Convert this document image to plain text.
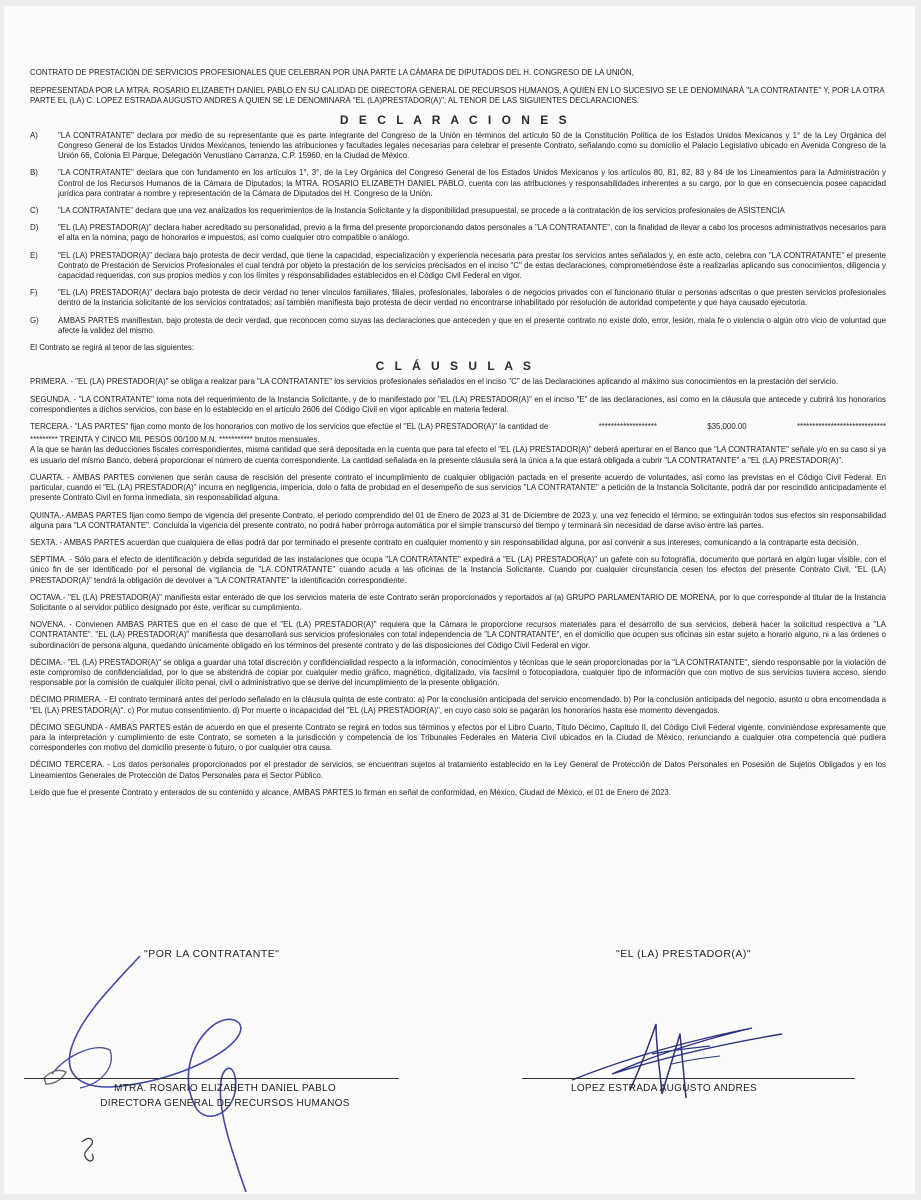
CONTRATO DE PRESTACIÓN DE SERVICIOS PROFESIONALES QUE CELEBRAN POR UNA PARTE LA CÁMARA DE DIPUTADOS DEL H. CONGRESO DE LA UNIÓN,

REPRESENTADA POR LA MTRA. ROSARIO ELIZABETH DANIEL PABLO EN SU CALIDAD DE DIRECTORA GENERAL DE RECURSOS HUMANOS, A QUIEN EN LO SUCESIVO SE LE DENOMINARÁ "LA CONTRATANTE" Y, POR LA OTRA PARTE EL (LA) C. LOPEZ ESTRADA AUGUSTO ANDRES A QUIEN SE LE DENOMINARÁ "EL (LA)PRESTADOR(A)", AL TENOR DE LAS SIGUIENTES DECLARACIONES.

D E C L A R A C I O N E S
A)	"LA CONTRATANTE" declara por medio de su representante que es parte integrante del Congreso de la Unión en términos del artículo 50 de la Constitución Política de los Estados Unidos Mexicanos y 1° de la Ley Orgánica del Congreso General de los Estados Unidos Mexicanos, teniendo las atribuciones y facultades legales necesarias para celebrar el presente Contrato, señalando como su domicilio el Palacio Legislativo ubicado en Avenida Congreso de la Unión 66, Colonia El Parque, Delegación Venustiano Carranza, C.P. 15960, en la Ciudad de México.
B)	"LA CONTRATANTE" declara que con fundamento en los artículos 1°, 3°, de la Ley Orgánica del Congreso General de los Estados Unidos Mexicanos y los artículos 80, 81, 82, 83 y 84 de los Lineamientos para la Administración y Control de los Recursos Humanos de la Cámara de Diputados; la MTRA. ROSARIO ELIZABETH DANIEL PABLO, cuenta con las atribuciones y responsabilidades inherentes a su cargo, por lo que en consecuencia posee capacidad jurídica para contratar a nombre y representación de la Cámara de Diputados del H. Congreso de la Unión.
C)	"LA CONTRATANTE" declara que una vez analizados los requerimientos de la Instancia Solicitante y la disponibilidad presupuestal, se procede a la contratación de los servicios profesionales de ASISTENCIA
D)	"EL (LA) PRESTADOR(A)" declara haber acreditado su personalidad, previo a la firma del presente proporcionando datos personales a "LA CONTRATANTE", con la finalidad de llevar a cabo los procesos administrativos necesarios para el alta en la nómina, pago de honorarios e impuestos, así como cualquier otro compatible o análogo.
E)	"EL (LA) PRESTADOR(A)" declara bajo protesta de decir verdad, que tiene la capacidad, especialización y experiencia necesaria para prestar los servicios antes señalados y, en este acto, celebra con "LA CONTRATANTE" el presente Contrato de Prestación de Servicios Profesionales el cual tendrá por objeto la prestación de los servicios precisados en el inciso "C" de estas declaraciones, comprometiéndose éste a realizarlas aplicando sus conocimientos, diligencia y capacidad requeridas, con sus propios medios y con los límites y responsabilidades establecidos en el Código Civil Federal en vigor.
F)	"EL (LA) PRESTADOR(A)" declara bajo protesta de decir verdad no tener vínculos familiares, filiales, profesionales, laborales o de negocios privados con el funcionario titular o personas adscritas o que presten servicios profesionales dentro de la instancia solicitante de los servicios contratados; así también manifiesta bajo protesta de decir verdad no encontrarse inhabilitado por resolución de autoridad competente y que haya causado ejecutoria.
G)	AMBAS PARTES manifiestan, bajo protesta de decir verdad, que reconocen como suyas las declaraciones que anteceden y que en el presente contrato no existe dolo, error, lesión, mala fe o violencia o algún otro vicio de voluntad que afecte la validez del mismo.
El Contrato se regirá al tenor de las siguientes:
C L Á U S U L A S
PRIMERA. - "EL (LA) PRESTADOR(A)" se obliga a realizar para "LA CONTRATANTE" los servicios profesionales señalados en el inciso "C" de las Declaraciones aplicando al máximo sus conocimientos en la prestación del servicio.
SEGUNDA. - "LA CONTRATANTE" toma nota del requerimiento de la Instancia Solicitante, y de lo manifestado por "EL (LA) PRESTADOR(A)" en el inciso "E" de las declaraciones, así como en la cláusula que antecede y cubrirá los honorarios correspondientes a dichos servicios, con base en lo establecido en el artículo 2606 del Código Civil en vigor aplicable en materia federal.
TERCERA.- "LAS PARTES" fijan como monto de los honorarios con motivo de los servicios que efectúe el "EL (LA) PRESTADOR(A)" la cantidad de	*******************	$35,000.00	*****************************
********* TREINTA Y CINCO MIL PESOS 00/100 M.N. *********** brutos mensuales.
A la que se harán las deducciones fiscales correspondientes, misma cantidad que será depositada en la cuenta que para tal efecto el "EL (LA) PRESTADOR(A)" deberá aperturar en el Banco que "LA CONTRATANTE" señale y/o en su caso si ya es usuario del mismo Banco, deberá proporcionar el número de cuenta correspondiente. La cantidad señalada en la presente cláusula será la única a la que estará obligada a cubrir "LA CONTRATANTE" a "EL (LA) PRESTADOR(A)".
CUARTA. - AMBAS PARTES convienen que serán causa de rescisión del presente contrato el incumplimiento de cualquier obligación pactada en el presente acuerdo de voluntades, así como las previstas en el Código Civil Federal. En particular, cuando el "EL (LA) PRESTADOR(A)" incurra en negligencia, impericia, dolo o falta de probidad en el desempeño de sus servicios "LA CONTRATANTE" a petición de la Instancia Solicitante, podrá dar por rescindido anticipadamente el presente Contrato Civil en forma inmediata, sin responsabilidad alguna.
QUINTA.- AMBAS PARTES fijan como tiempo de vigencia del presente Contrato, el periodo comprendido del 01 de Enero de 2023 al 31 de Diciembre de 2023 y, una vez fenecido el término, se extinguirán todos sus efectos sin responsabilidad alguna para "LA CONTRATANTE". Concluida la vigencia del presente contrato, no podrá haber prórroga automática por el simple transcurso del tiempo y terminará sin necesidad de darse aviso entre las partes.
SEXTA. - AMBAS PARTES acuerdan que cualquiera de ellas podrá dar por terminado el presente contrato en cualquier momento y sin responsabilidad alguna, por así convenir a sus intereses, comunicando a la contraparte esta decisión.
SÉPTIMA. - Sólo para el efecto de identificación y debida seguridad de las instalaciones que ocupa "LA CONTRATANTE" expedirá a "EL (LA) PRESTADOR(A)" un gafete con su fotografía, documento que portará en algún lugar visible, con el único fin de ser identificado por el personal de vigilancia de "LA CONTRATANTE" cuando acuda a las oficinas de la Instancia Solicitante. Cuando por cualquier circunstancia cesen los efectos del presente Contrato Civil, "EL (LA) PRESTADOR(A)" tendrá la obligación de devolver a "LA CONTRATANTE" la identificación correspondiente.
OCTAVA.- "EL (LA) PRESTADOR(A)" manifiesta estar enterado de que los servicios materia de este Contrato serán proporcionados y reportados al (a) GRUPO PARLAMENTARIO DE MORENA, por lo que corresponde al titular de la Instancia Solicitante o al servidor público designado por éste, verificar su cumplimiento.
NOVENA. - Convienen AMBAS PARTES que en el caso de que el "EL (LA) PRESTADOR(A)" requiera que la Cámara le proporcione recursos materiales para el desarrollo de sus servicios, deberá hacer la solicitud respectiva a "LA CONTRATANTE". "EL (LA) PRESTADOR(A)" manifiesta que desarrollará sus servicios profesionales con total independencia de "LA CONTRATANTE", en el domicilio que ocupen sus oficinas sin estar sujeto a horario alguno, ni a las órdenes o subordinación de persona alguna, quedando únicamente obligado en los términos del presente contrato y de las disposiciones del Código Civil Federal en vigor.
DÉCIMA.- "EL (LA) PRESTADOR(A)" se obliga a guardar una total discreción y confidencialidad respecto a la información, conocimientos y técnicas que le sean proporcionadas por la "LA CONTRATANTE", siendo responsable por la violación de este compromiso de confidencialidad, por lo que se abstendrá de copiar por cualquier medio gráfico, magnético, digitalizado, vía facsímil o fotocopiadora, cualquier tipo de información que con motivo de sus servicios tuviera acceso, siendo responsable por la comisión de cualquier ilícito penal, civil o administrativo que se derive del incumplimiento de la presente obligación.
DÉCIMO PRIMERA. - El contrato terminará antes del período señalado en la cláusula quinta de este contrato: a) Por la conclusión anticipada del servicio encomendado. b) Por la conclusión anticipada del negocio, asunto u obra encomendada a "EL (LA) PRESTADOR(A)". c) Por mutuo consentimiento. d) Por muerte o incapacidad del "EL (LA) PRESTADOR(A)", en cuyo caso solo se pagarán los honorarios hasta ese momento devengados.
DÉCIMO SEGUNDA - AMBAS PARTES están de acuerdo en que el presente Contrato se regirá en todos sus términos y efectos por el Libro Cuarto, Título Décimo, Capítulo II, del Código Civil Federal vigente, conviniéndose expresamente que para la interpretación y cumplimiento de este Contrato, se someten a la jurisdicción y competencia de los Tribunales Federales en Materia Civil ubicados en la Ciudad de México, renunciando a cualquier otra competencia que pudiera corresponderles con motivo del domicilio presente o futuro, o por cualquier otra causa.
DÉCIMO TERCERA. - Los datos personales proporcionados por el prestador de servicios, se encuentran sujetos al tratamiento establecido en la Ley General de Protección de Datos Personales en Posesión de Sujetos Obligados y en los Lineamientos Generales de Protección de Datos Personales para el Sector Público.
Leído que fue el presente Contrato y enterados de su contenido y alcance, AMBAS PARTES lo firman en señal de conformidad, en México, Ciudad de México, el 01 de Enero de 2023.
"POR LA CONTRATANTE"	"EL (LA) PRESTADOR(A)"
MTRA. ROSARIO ELIZABETH DANIEL PABLO
DIRECTORA GENERAL DE RECURSOS HUMANOS
LOPEZ ESTRADA AUGUSTO ANDRES
